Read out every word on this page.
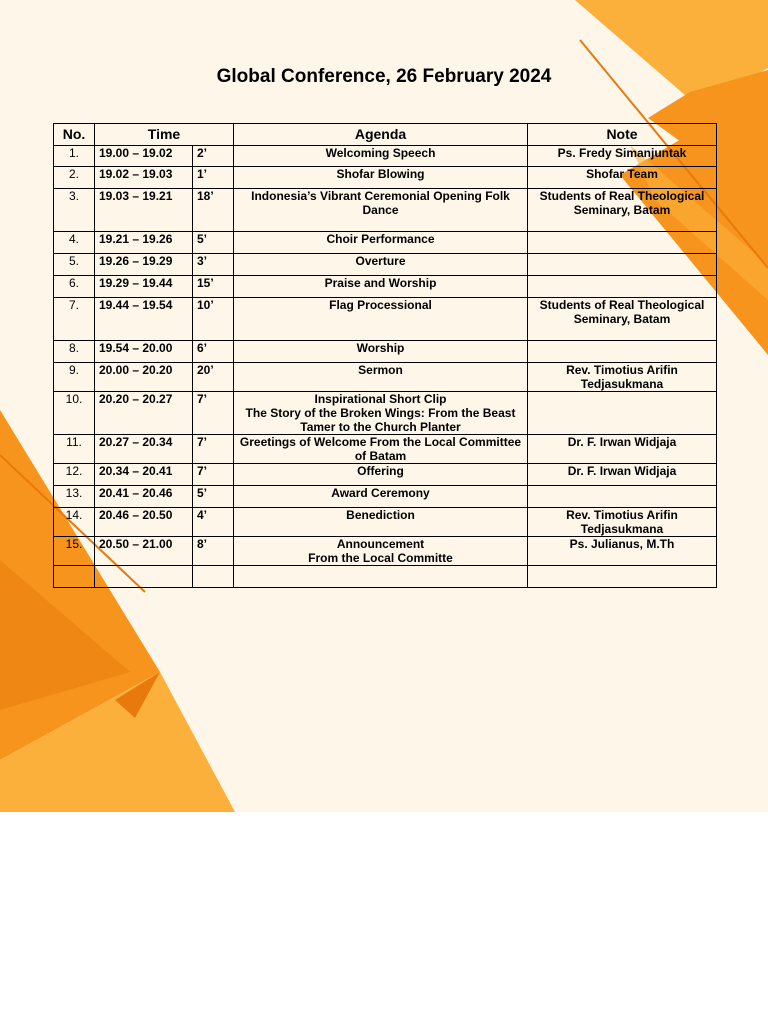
Global Conference, 26 February 2024
No.	Time		Agenda	Note
1.	19.00 – 19.02	2’	Welcoming Speech	Ps. Fredy Simanjuntak
2.	19.02 – 19.03	1’	Shofar Blowing	Shofar Team
3.	19.03 – 19.21	18’	Indonesia’s Vibrant Ceremonial Opening Folk Dance	Students of Real Theological Seminary, Batam
4.	19.21 – 19.26	5’	Choir Performance	

5.	19.26 – 19.29	3’	Overture	

6.	19.29 – 19.44	15’	Praise and Worship	

7.	19.44 – 19.54	10’	Flag Processional	Students of Real Theological Seminary, Batam
8.	19.54 – 20.00	6’	Worship	

9.	20.00 – 20.20	20’	Sermon	Rev. Timotius Arifin Tedjasukmana
10.	20.20 – 20.27	7’	Inspirational Short Clip
The Story of the Broken Wings: From the Beast Tamer to the Church Planter	

11.	20.27 – 20.34	7’	Greetings of Welcome From the Local Committee of Batam	Dr. F. Irwan Widjaja
12.	20.34 – 20.41	7’	Offering	Dr. F. Irwan Widjaja
13.	20.41 – 20.46	5’	Award Ceremony	

14.	20.46 – 20.50	4’	Benediction	Rev. Timotius Arifin Tedjasukmana
15.	20.50 – 21.00	8’	Announcement
From the Local Committe	Ps. Julianus, M.Th
